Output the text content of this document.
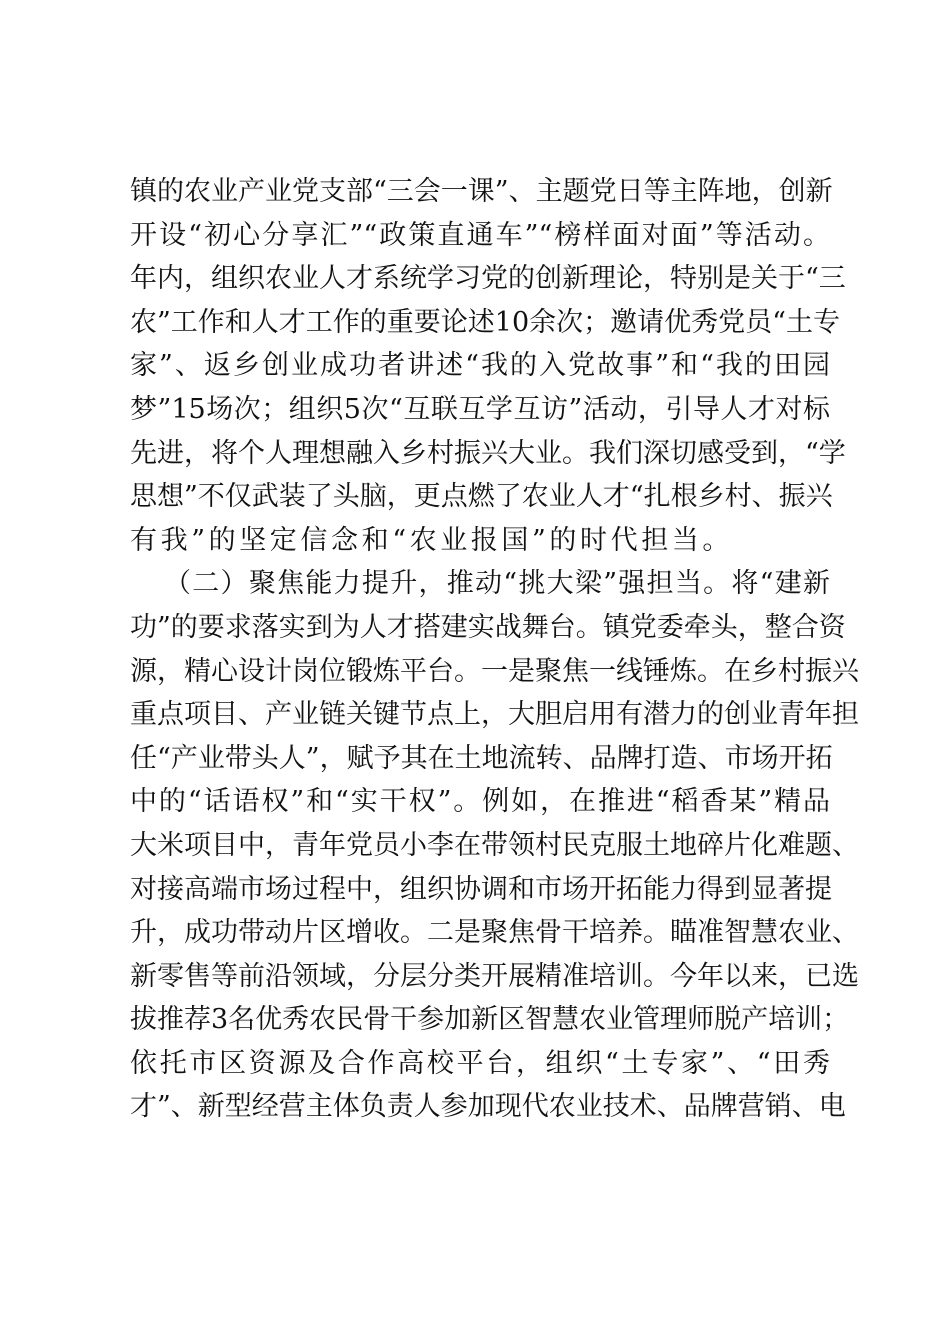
镇的农业产业党支部“三会一课”、主题党日等主阵地，创新
开设“初心分享汇”“政策直通车”“榜样面对面”等活动。
年内，组织农业人才系统学习党的创新理论，特别是关于“三
农”工作和人才工作的重要论述10余次；邀请优秀党员“土专
家”、返乡创业成功者讲述“我的入党故事”和“我的田园
梦”15场次；组织5次“互联互学互访”活动，引导人才对标
先进，将个人理想融入乡村振兴大业。我们深切感受到，“学
思想”不仅武装了头脑，更点燃了农业人才“扎根乡村、振兴
有我”的坚定信念和“农业报国”的时代担当。
（二）聚焦能力提升，推动“挑大梁”强担当。将“建新
功”的要求落实到为人才搭建实战舞台。镇党委牵头，整合资
源，精心设计岗位锻炼平台。一是聚焦一线锤炼。在乡村振兴
重点项目、产业链关键节点上，大胆启用有潜力的创业青年担
任“产业带头人”，赋予其在土地流转、品牌打造、市场开拓
中的“话语权”和“实干权”。例如，在推进“稻香某”精品
大米项目中，青年党员小李在带领村民克服土地碎片化难题、
对接高端市场过程中，组织协调和市场开拓能力得到显著提
升，成功带动片区增收。二是聚焦骨干培养。瞄准智慧农业、
新零售等前沿领域，分层分类开展精准培训。今年以来，已选
拔推荐3名优秀农民骨干参加新区智慧农业管理师脱产培训；
依托市区资源及合作高校平台，组织“土专家”、“田秀
才”、新型经营主体负责人参加现代农业技术、品牌营销、电
